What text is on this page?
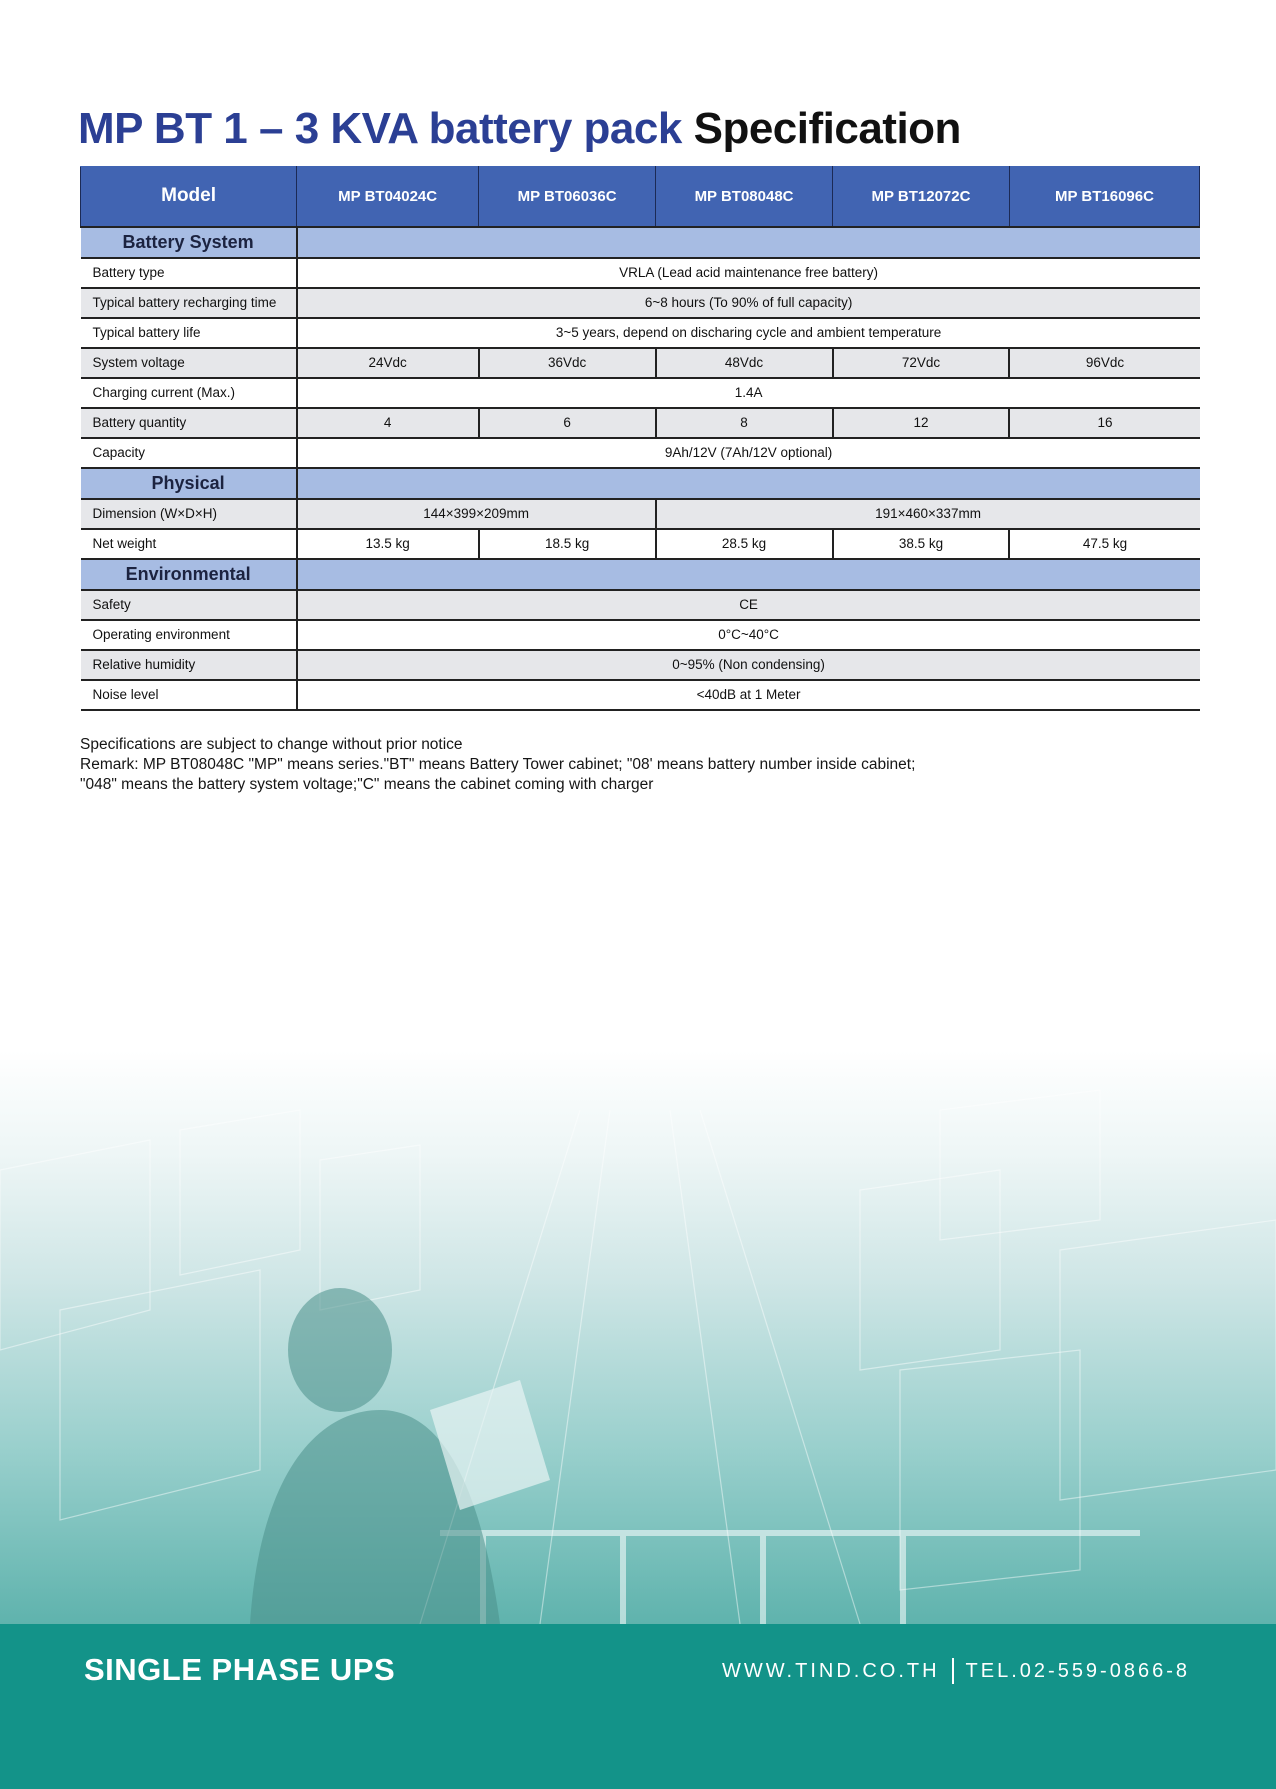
MP BT 1 – 3 KVA battery pack Specification
Model	MP BT04024C	MP BT06036C	MP BT08048C	MP BT12072C	MP BT16096C
Battery System					
Battery type	VRLA (Lead acid maintenance free battery)				
Typical battery recharging time	6~8 hours (To 90% of full capacity)				
Typical battery life	3~5 years, depend on discharing cycle and ambient temperature				
System voltage	24Vdc	36Vdc	48Vdc	72Vdc	96Vdc
Charging current (Max.)	1.4A				
Battery quantity	4	6	8	12	16
Capacity	9Ah/12V (7Ah/12V optional)				
Physical					
Dimension (W×D×H)	144×399×209mm		191×460×337mm		
Net weight	13.5 kg	18.5 kg	28.5 kg	38.5 kg	47.5 kg
Environmental					
Safety	CE				
Operating environment	0°C~40°C				
Relative humidity	0~95% (Non condensing)				
Noise level	<40dB at 1 Meter				
Specifications are subject to change without prior notice
Remark: MP BT08048C "MP" means series."BT" means Battery Tower cabinet; "08' means battery number inside cabinet;
"048" means the battery system voltage;"C" means the cabinet coming with charger
SINGLE PHASE UPS	WWW.TIND.CO.TH TEL.02-559-0866-8
